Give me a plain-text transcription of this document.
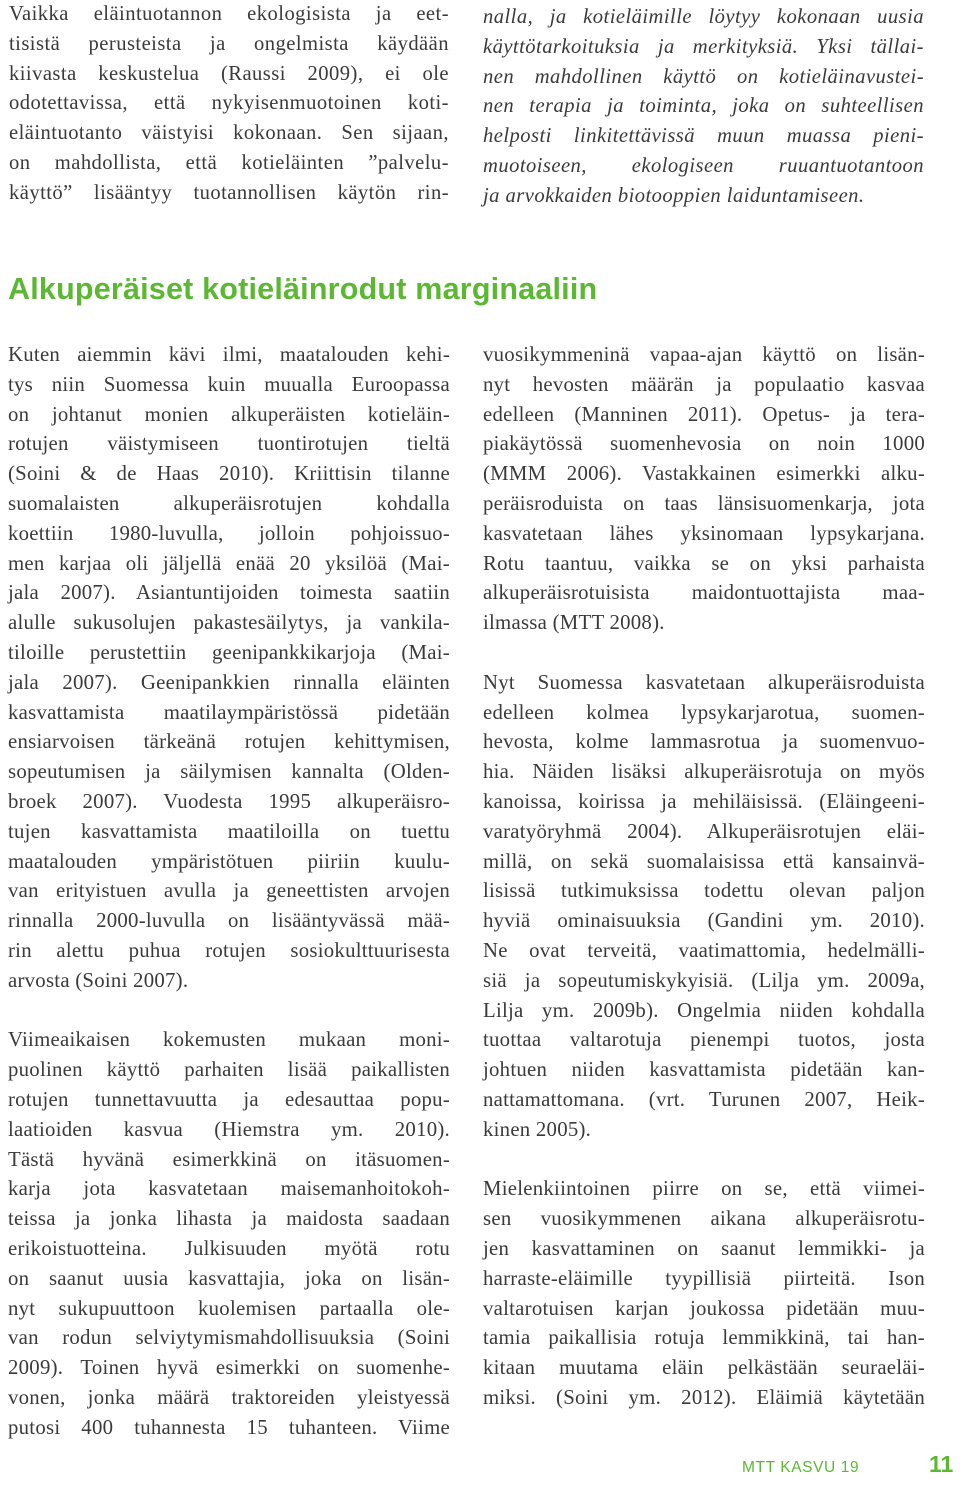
Vaikka eläintuotannon ekologisista ja eet-
tisistä perusteista ja ongelmista käydään
kiivasta keskustelua (Raussi 2009), ei ole
odotettavissa, että nykyisenmuotoinen koti-
eläintuotanto väistyisi kokonaan. Sen sijaan,
on mahdollista, että kotieläinten ”palvelu-
käyttö” lisääntyy tuotannollisen käytön rin-
nalla, ja kotieläimille löytyy kokonaan uusia
käyttötarkoituksia ja merkityksiä. Yksi tällai-
nen mahdollinen käyttö on kotieläinavustei-
nen terapia ja toiminta, joka on suhteellisen
helposti linkitettävissä muun muassa pieni-
muotoiseen, ekologiseen ruuantuotantoon
ja arvokkaiden biotooppien laiduntamiseen.
Alkuperäiset kotieläinrodut marginaaliin
Kuten aiemmin kävi ilmi, maatalouden kehi-
tys niin Suomessa kuin muualla Euroopassa
on johtanut monien alkuperäisten kotieläin-
rotujen väistymiseen tuontirotujen tieltä
(Soini & de Haas 2010). Kriittisin tilanne
suomalaisten alkuperäisrotujen kohdalla
koettiin 1980-luvulla, jolloin pohjoissuo-
men karjaa oli jäljellä enää 20 yksilöä (Mai-
jala 2007). Asiantuntijoiden toimesta saatiin
alulle sukusolujen pakastesäilytys, ja vankila-
tiloille perustettiin geenipankkikarjoja (Mai-
jala 2007). Geenipankkien rinnalla eläinten
kasvattamista maatilaympäristössä pidetään
ensiarvoisen tärkeänä rotujen kehittymisen,
sopeutumisen ja säilymisen kannalta (Olden-
broek 2007). Vuodesta 1995 alkuperäisro-
tujen kasvattamista maatiloilla on tuettu
maatalouden ympäristötuen piiriin kuulu-
van erityistuen avulla ja geneettisten arvojen
rinnalla 2000-luvulla on lisääntyvässä mää-
rin alettu puhua rotujen sosiokulttuurisesta
arvosta (Soini 2007).
Viimeaikaisen kokemusten mukaan moni-
puolinen käyttö parhaiten lisää paikallisten
rotujen tunnettavuutta ja edesauttaa popu-
laatioiden kasvua (Hiemstra ym. 2010).
Tästä hyvänä esimerkkinä on itäsuomen-
karja jota kasvatetaan maisemanhoitokoh-
teissa ja jonka lihasta ja maidosta saadaan
erikoistuotteina. Julkisuuden myötä rotu
on saanut uusia kasvattajia, joka on lisän-
nyt sukupuuttoon kuolemisen partaalla ole-
van rodun selviytymismahdollisuuksia (Soini
2009). Toinen hyvä esimerkki on suomenhe-
vonen, jonka määrä traktoreiden yleistyessä
putosi 400 tuhannesta 15 tuhanteen. Viime
vuosikymmeninä vapaa-ajan käyttö on lisän-
nyt hevosten määrän ja populaatio kasvaa
edelleen (Manninen 2011). Opetus- ja tera-
piakäytössä suomenhevosia on noin 1000
(MMM 2006). Vastakkainen esimerkki alku-
peräisroduista on taas länsisuomenkarja, jota
kasvatetaan lähes yksinomaan lypsykarjana.
Rotu taantuu, vaikka se on yksi parhaista
alkuperäisrotuisista maidontuottajista maa-
ilmassa (MTT 2008).
Nyt Suomessa kasvatetaan alkuperäisroduista
edelleen kolmea lypsykarjarotua, suomen-
hevosta, kolme lammasrotua ja suomenvuo-
hia. Näiden lisäksi alkuperäisrotuja on myös
kanoissa, koirissa ja mehiläisissä. (Eläingeeni-
varatyöryhmä 2004). Alkuperäisrotujen eläi-
millä, on sekä suomalaisissa että kansainvä-
lisissä tutkimuksissa todettu olevan paljon
hyviä ominaisuuksia (Gandini ym. 2010).
Ne ovat terveitä, vaatimattomia, hedelmälli-
siä ja sopeutumiskykyisiä. (Lilja ym. 2009a,
Lilja ym. 2009b). Ongelmia niiden kohdalla
tuottaa valtarotuja pienempi tuotos, josta
johtuen niiden kasvattamista pidetään kan-
nattamattomana. (vrt. Turunen 2007, Heik-
kinen 2005).
Mielenkiintoinen piirre on se, että viimei-
sen vuosikymmenen aikana alkuperäisrotu-
jen kasvattaminen on saanut lemmikki- ja
harraste-eläimille tyypillisiä piirteitä. Ison
valtarotuisen karjan joukossa pidetään muu-
tamia paikallisia rotuja lemmikkinä, tai han-
kitaan muutama eläin pelkästään seuraeläi-
miksi. (Soini ym. 2012). Eläimiä käytetään
MTT KASVU 19	11
